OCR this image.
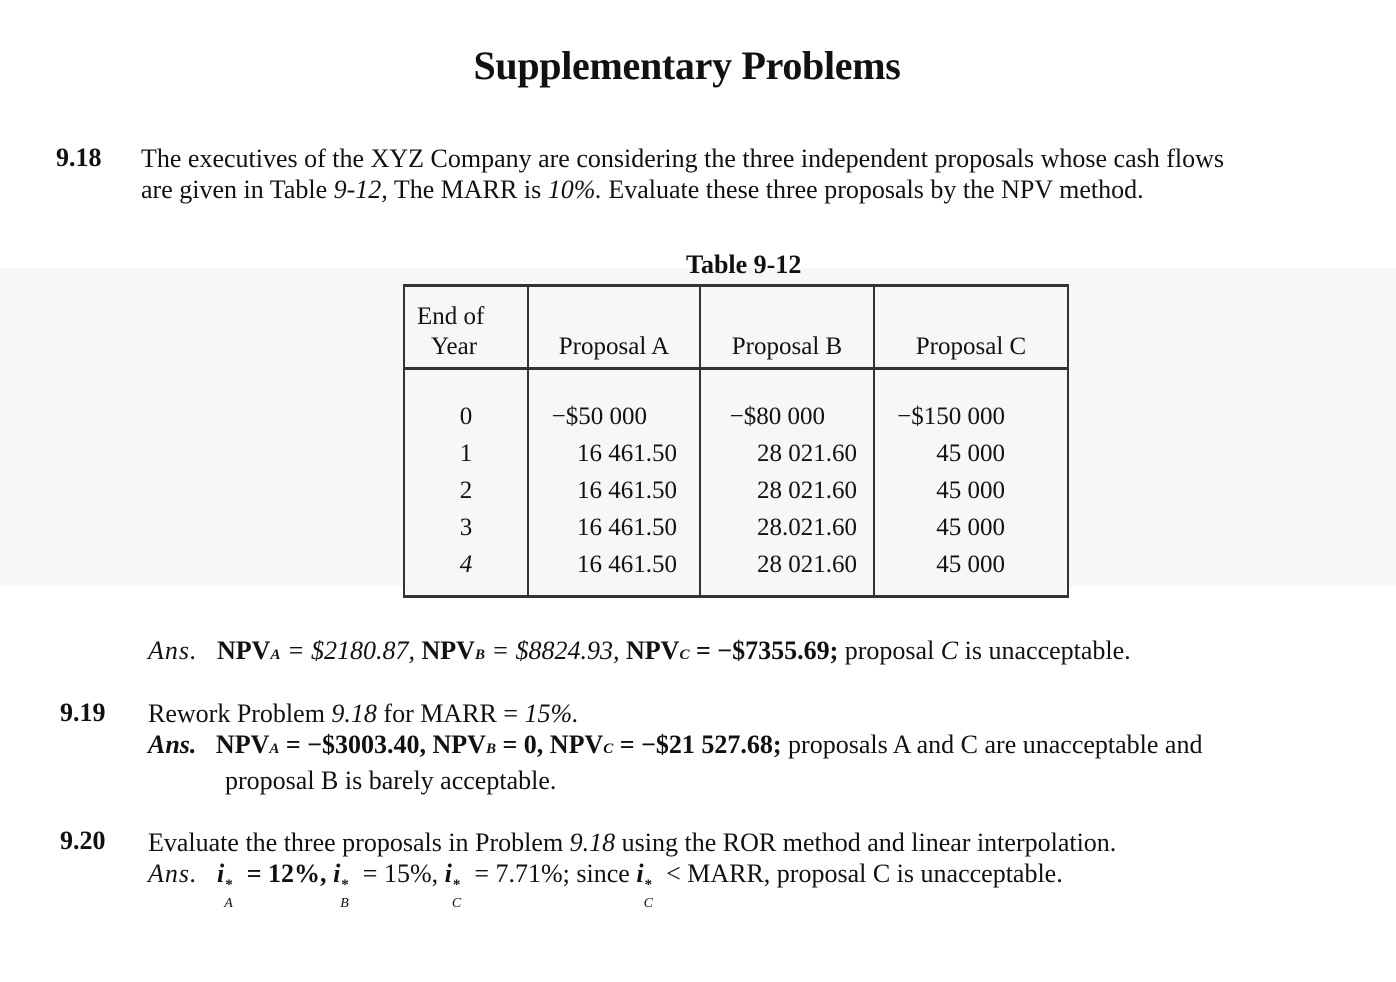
Supplementary Problems
9.18 The executives of the XYZ Company are considering the three independent proposals whose cash flows
are given in Table 9-12, The MARR is 10%. Evaluate these three proposals by the NPV method.
Table 9-12
End of
Year	Proposal A	Proposal B	Proposal C
0	−$50 000	−$80 000	−$150 000
1	16 461.50	28 021.60	45 000
2	16 461.50	28 021.60	45 000
3	16 461.50	28.021.60	45 000
4	16 461.50	28 021.60	45 000
Ans. NPVA = $2180.87, NPVB = $8824.93, NPVC = −$7355.69; proposal C is unacceptable.
9.19 Rework Problem 9.18 for MARR = 15%.
Ans. NPVA = −$3003.40, NPVB = 0, NPVC = −$21 527.68; proposals A and C are unacceptable and
proposal B is barely acceptable.
9.20 Evaluate the three proposals in Problem 9.18 using the ROR method and linear interpolation.
Ans. i *
A
= 12%, i *
B
= 15%, i *
C
= 7.71%; since i *
C
< MARR, proposal C is unacceptable.
